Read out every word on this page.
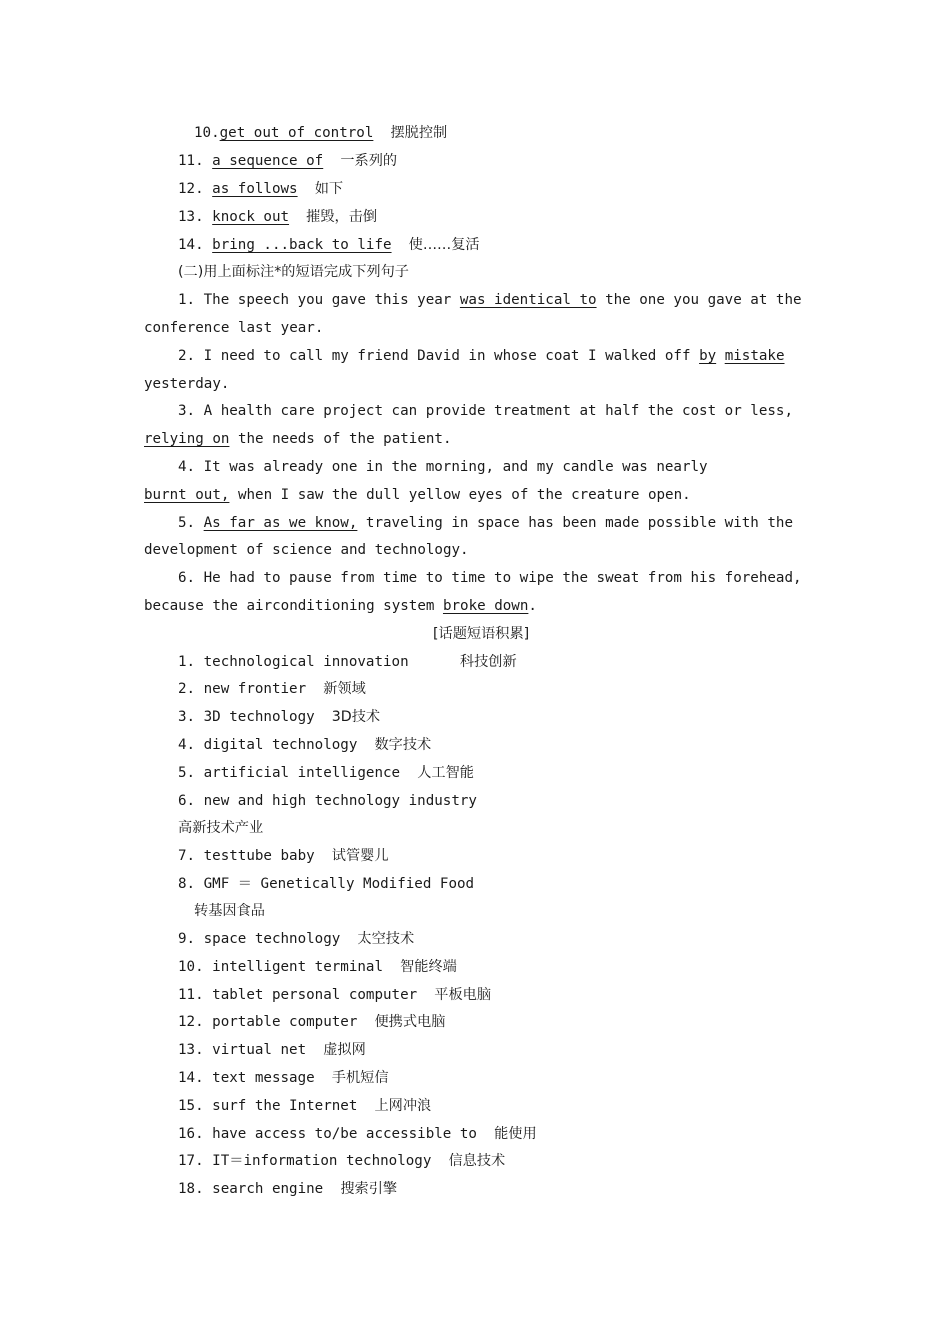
10.get out of control 摆脱控制
11. a sequence of 一系列的
12. as follows 如下
13. knock out 摧毁，击倒
14. bring ...back to life 使……复活
(二)用上面标注*的短语完成下列句子
1. The speech you gave this year was identical to the one you gave at the
conference last year.
2. I need to call my friend David in whose coat I walked off by mistake
yesterday.
3. A health care project can provide treatment at half the cost or less,
relying on the needs of the patient.
4. It was already one in the morning, and my candle was nearly
burnt out, when I saw the dull yellow eyes of the creature open.
5. As far as we know, traveling in space has been made possible with the
development of science and technology.
6. He had to pause from time to time to wipe the sweat from his forehead,
because the airconditioning system broke down.
[话题短语积累]
1. technological innovation	科技创新
2. new frontier 新领域
3. 3D technology 3D技术
4. digital technology 数字技术
5. artificial intelligence 人工智能
6. new and high technology industry
高新技术产业
7. testtube baby 试管婴儿
8. GMF ＝ Genetically Modified Food
转基因食品
9. space technology 太空技术
10. intelligent terminal 智能终端
11. tablet personal computer 平板电脑
12. portable computer 便携式电脑
13. virtual net 虚拟网
14. text message 手机短信
15. surf the Internet 上网冲浪
16. have access to/be accessible to 能使用
17. IT＝information technology 信息技术
18. search engine 搜索引擎
